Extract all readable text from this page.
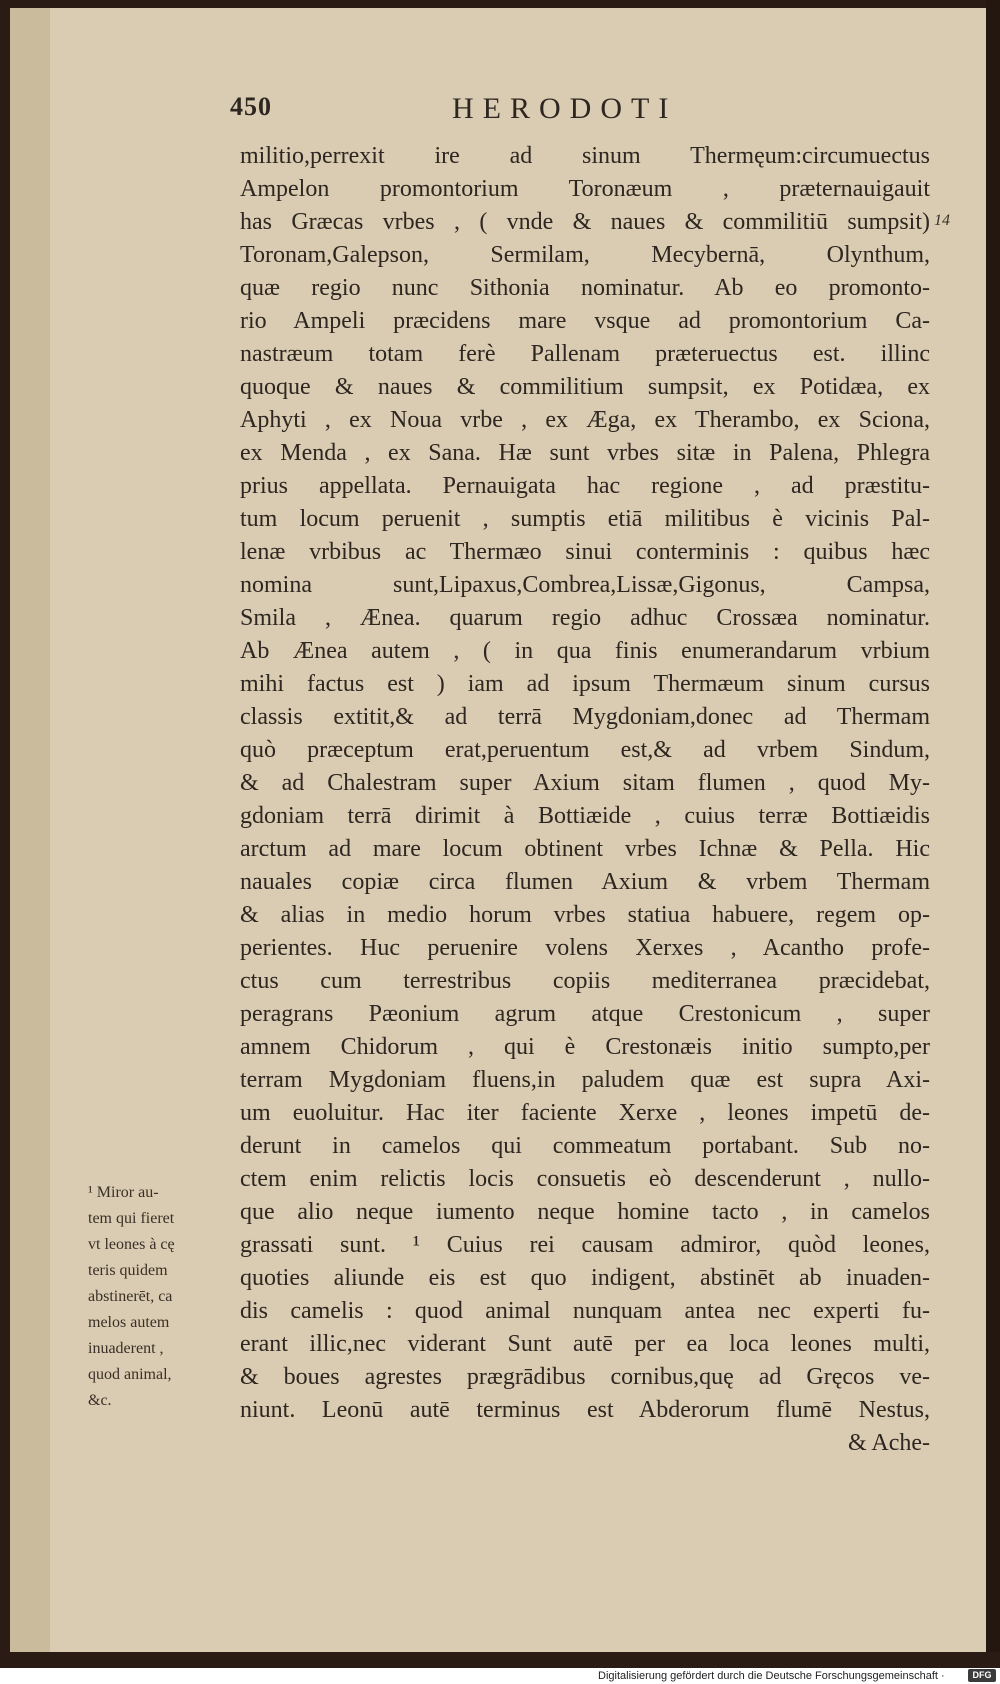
450	HERODOTI
14
militio,perrexit ire ad sinum Thermęum:circumuectus
Ampelon promontorium Toronæum , præternauigauit
has Græcas vrbes , ( vnde & naues & commilitiū sumpsit)
Toronam,Galepson, Sermilam, Mecybernā, Olynthum,
quæ regio nunc Sithonia nominatur. Ab eo promonto-
rio Ampeli præcidens mare vsque ad promontorium Ca-
nastræum totam ferè Pallenam præteruectus est. illinc
quoque & naues & commilitium sumpsit, ex Potidæa, ex
Aphyti , ex Noua vrbe , ex Ægа, ex Therambo, ex Sciona,
ex Menda , ex Sana. Hæ sunt vrbes sitæ in Palena, Phlegra
prius appellata. Pernauigata hac regione , ad præstitu-
tum locum peruenit , sumptis etiā militibus è vicinis Pal-
lenæ vrbibus ac Thermæo sinui conterminis : quibus hæc
nomina sunt,Lipaxus,Combrea,Lissæ,Gigonus, Campsa,
Smila , Ænea. quarum regio adhuc Crossæa nominatur.
Ab Ænea autem , ( in qua finis enumerandarum vrbium
mihi factus est ) iam ad ipsum Thermæum sinum cursus
classis extitit,& ad terrā Mygdoniam,donec ad Thermam
quò præceptum erat,peruentum est,& ad vrbem Sindum,
& ad Chalestram super Axium sitam flumen , quod My-
gdoniam terrā dirimit à Bottiæide , cuius terræ Bottiæidis
arctum ad mare locum obtinent vrbes Ichnæ & Pella. Hic
nauales copiæ circa flumen Axium & vrbem Thermam
& alias in medio horum vrbes statiua habuere, regem op-
perientes. Huc peruenire volens Xerxes , Acantho profe-
ctus cum terrestribus copiis mediterranea præcidebat,
peragrans Pæonium agrum atque Crestonicum , super
amnem Chidorum , qui è Crestonæis initio sumpto,per
terram Mygdoniam fluens,in paludem quæ est supra Axi-
um euoluitur. Hac iter faciente Xerxe , leones impetū de-
derunt in camelos qui commeatum portabant. Sub no-
ctem enim relictis locis consuetis eò descenderunt , nullo-
que alio neque iumento neque homine tacto , in camelos
grassati sunt. ¹ Cuius rei causam admiror, quòd leones,
quoties aliunde eis est quo indigent, abstinēt ab inuaden-
dis camelis : quod animal nunquam antea nec experti fu-
erant illic,nec viderant Sunt autē per ea loca leones multi,
& boues agrestes prægrādibus cornibus,quę ad Gręcos ve-
niunt. Leonū autē terminus est Abderorum flumē Nestus,
& Ache-
¹ Miror au-
tem qui fieret
vt leones à cę
teris quidem
abstinerēt, ca
melos autem
inuaderent ,
quod animal,
&c.
Digitalisierung gefördert durch die Deutsche Forschungsgemeinschaft ·	DFG
